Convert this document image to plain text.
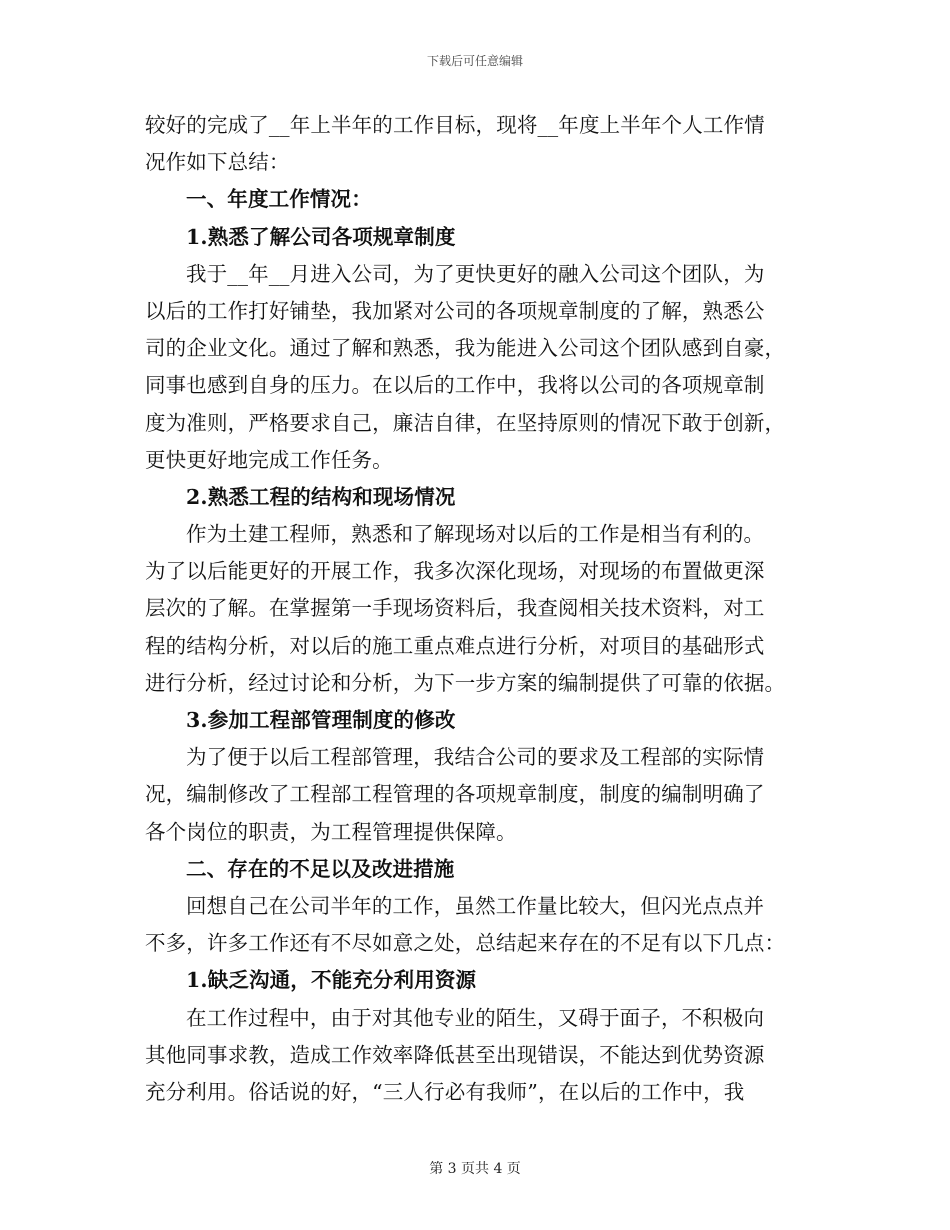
下载后可任意编辑
较好的完成了__年上半年的工作目标，现将__年度上半年个人工作情
况作如下总结：
一、年度工作情况：
1.熟悉了解公司各项规章制度
我于__年__月进入公司，为了更快更好的融入公司这个团队，为
以后的工作打好铺垫，我加紧对公司的各项规章制度的了解，熟悉公
司的企业文化。通过了解和熟悉，我为能进入公司这个团队感到自豪，
同事也感到自身的压力。在以后的工作中，我将以公司的各项规章制
度为准则，严格要求自己，廉洁自律，在坚持原则的情况下敢于创新，
更快更好地完成工作任务。
2.熟悉工程的结构和现场情况
作为土建工程师，熟悉和了解现场对以后的工作是相当有利的。
为了以后能更好的开展工作，我多次深化现场，对现场的布置做更深
层次的了解。在掌握第一手现场资料后，我查阅相关技术资料，对工
程的结构分析，对以后的施工重点难点进行分析，对项目的基础形式
进行分析，经过讨论和分析，为下一步方案的编制提供了可靠的依据。
3.参加工程部管理制度的修改
为了便于以后工程部管理，我结合公司的要求及工程部的实际情
况，编制修改了工程部工程管理的各项规章制度，制度的编制明确了
各个岗位的职责，为工程管理提供保障。
二、存在的不足以及改进措施
回想自己在公司半年的工作，虽然工作量比较大，但闪光点点并
不多，许多工作还有不尽如意之处，总结起来存在的不足有以下几点：
1.缺乏沟通，不能充分利用资源
在工作过程中，由于对其他专业的陌生，又碍于面子，不积极向
其他同事求教，造成工作效率降低甚至出现错误，不能达到优势资源
充分利用。俗话说的好，“三人行必有我师”，在以后的工作中，我
第 3 页共 4 页
